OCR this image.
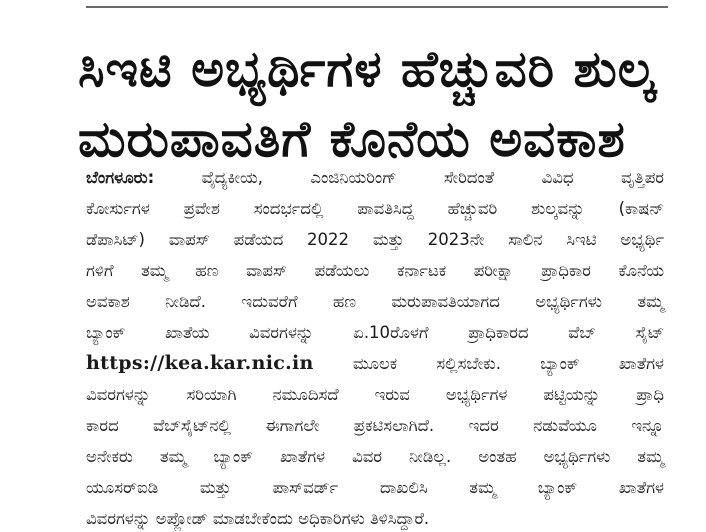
ಸಿಇಟಿ ಅಭ್ಯರ್ಥಿಗಳ ಹೆಚ್ಚುವರಿ ಶುಲ್ಕ
ಮರುಪಾವತಿಗೆ ಕೊನೆಯ ಅವಕಾಶ
ಬೆಂಗಳೂರು: ವೈದ್ಯಕೀಯ, ಎಂಜಿನಿಯರಿಂಗ್ ಸೇರಿದಂತೆ ವಿವಿಧ ವೃತ್ತಿಪರ
ಕೋರ್ಸುಗಳ ಪ್ರವೇಶ ಸಂದರ್ಭದಲ್ಲಿ ಪಾವತಿಸಿದ್ದ ಹೆಚ್ಚುವರಿ ಶುಲ್ಕವನ್ನು (ಕಾಷನ್
ಡೆಪಾಸಿಟ್) ವಾಪಸ್ ಪಡೆಯದ 2022 ಮತ್ತು 2023ನೇ ಸಾಲಿನ ಸಿಇಟಿ ಅಭ್ಯರ್ಥಿ
ಗಳಿಗೆ ತಮ್ಮ ಹಣ ವಾಪಸ್ ಪಡೆಯಲು ಕರ್ನಾಟಕ ಪರೀಕ್ಷಾ ಪ್ರಾಧಿಕಾರ ಕೊನೆಯ
ಅವಕಾಶ ನೀಡಿದೆ. ಇದುವರೆಗೆ ಹಣ ಮರುಪಾವತಿಯಾಗದ ಅಭ್ಯರ್ಥಿಗಳು ತಮ್ಮ
ಬ್ಯಾಂಕ್ ಖಾತೆಯ ವಿವರಗಳನ್ನು ಏ.10ರೊಳಗೆ ಪ್ರಾಧಿಕಾರದ ವೆಬ್ ಸೈಟ್
https://kea.kar.nic.in ಮೂಲಕ ಸಲ್ಲಿಸಬೇಕು. ಬ್ಯಾಂಕ್ ಖಾತೆಗಳ
ವಿವರಗಳನ್ನು ಸರಿಯಾಗಿ ನಮೂದಿಸದೆ ಇರುವ ಅಭ್ಯರ್ಥಿಗಳ ಪಟ್ಟಿಯನ್ನು ಪ್ರಾಧಿ
ಕಾರದ ವೆಬ್‌ಸೈಟ್‌ನಲ್ಲಿ ಈಗಾಗಲೇ ಪ್ರಕಟಿಸಲಾಗಿದೆ. ಇದರ ನಡುವೆಯೂ ಇನ್ನೂ
ಅನೇಕರು ತಮ್ಮ ಬ್ಯಾಂಕ್ ಖಾತೆಗಳ ವಿವರ ನೀಡಿಲ್ಲ. ಅಂತಹ ಅಭ್ಯರ್ಥಿಗಳು ತಮ್ಮ
ಯೂಸರ್‌ಐಡಿ ಮತ್ತು ಪಾಸ್‌ವರ್ಡ್ ದಾಖಲಿಸಿ ತಮ್ಮ ಬ್ಯಾಂಕ್ ಖಾತೆಗಳ
ವಿವರಗಳನ್ನು ಅಪ್ಲೋಡ್ ಮಾಡಬೇಕೆಂದು ಅಧಿಕಾರಿಗಳು ತಿಳಿಸಿದ್ದಾರೆ.
